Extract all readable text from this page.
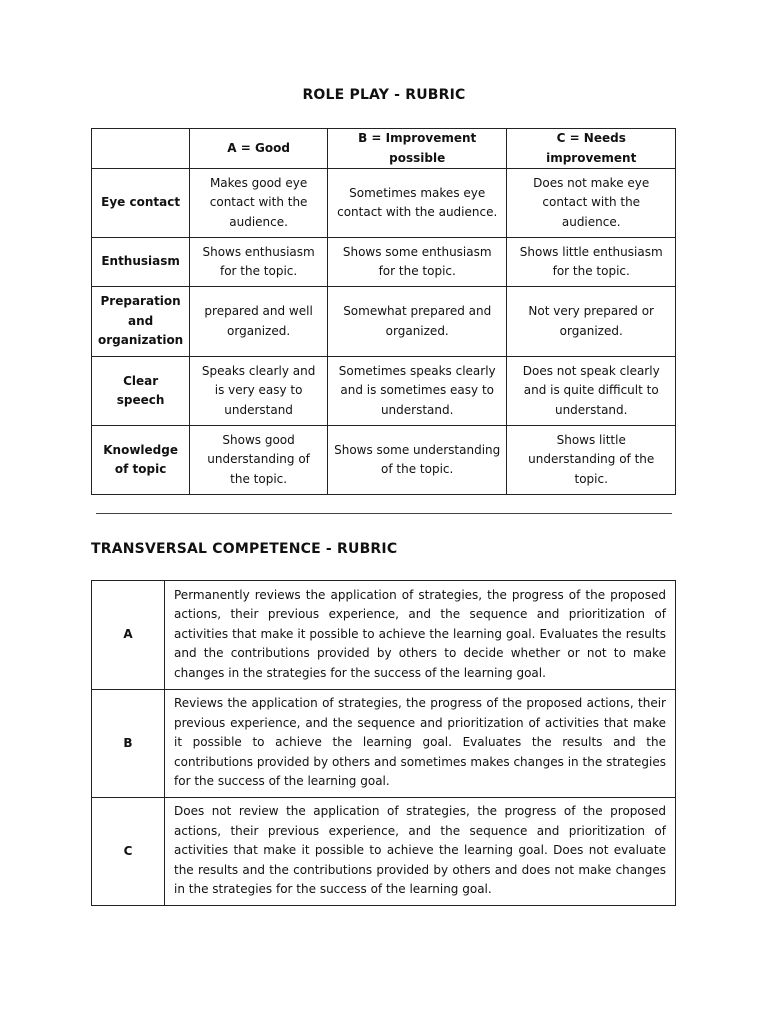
ROLE PLAY - RUBRIC
	A = Good	B = Improvement possible	C = Needs improvement
Eye contact	Makes good eye contact with the audience.	Sometimes makes eye contact with the audience.	Does not make eye contact with the audience.
Enthusiasm	Shows enthusiasm for the topic.	Shows some enthusiasm for the topic.	Shows little enthusiasm for the topic.
Preparation and organization	prepared and well organized.	Somewhat prepared and organized.	Not very prepared or organized.
Clear speech	Speaks clearly and is very easy to understand	Sometimes speaks clearly and is sometimes easy to understand.	Does not speak clearly and is quite difficult to understand.
Knowledge of topic	Shows good understanding of the topic.	Shows some understanding of the topic.	Shows little understanding of the topic.
TRANSVERSAL COMPETENCE - RUBRIC
A	Permanently reviews the application of strategies, the progress of the proposed actions, their previous experience, and the sequence and prioritization of activities that make it possible to achieve the learning goal. Evaluates the results and the contributions provided by others to decide whether or not to make changes in the strategies for the success of the learning goal.
B	Reviews the application of strategies, the progress of the proposed actions, their previous experience, and the sequence and prioritization of activities that make it possible to achieve the learning goal. Evaluates the results and the contributions provided by others and sometimes makes changes in the strategies for the success of the learning goal.
C	Does not review the application of strategies, the progress of the proposed actions, their previous experience, and the sequence and prioritization of activities that make it possible to achieve the learning goal. Does not evaluate the results and the contributions provided by others and does not make changes in the strategies for the success of the learning goal.
